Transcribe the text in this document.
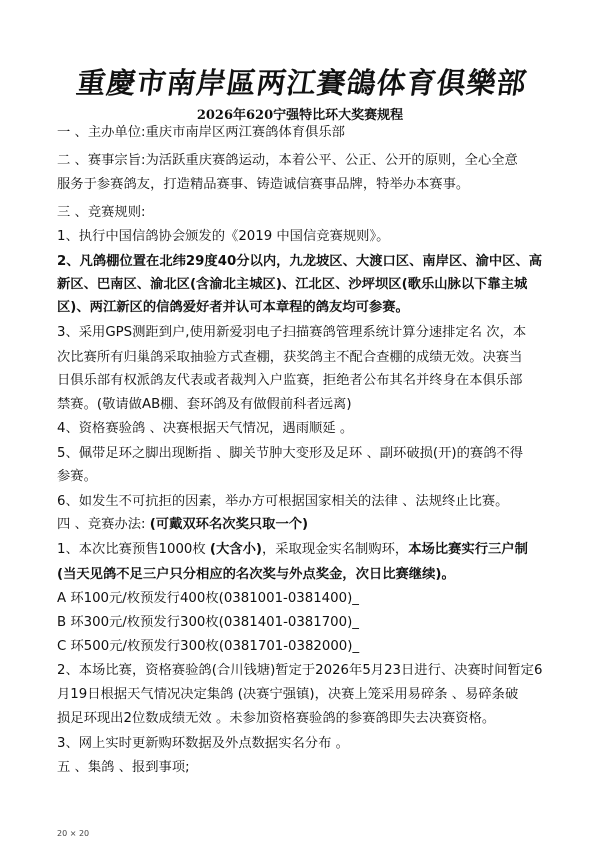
重慶市南岸區两江賽鴿体育俱樂部
2026年620宁强特比环大奖赛规程
一 、主办单位:重庆市南岸区两江赛鸽体育俱乐部
二 、赛事宗旨:为活跃重庆赛鸽运动，本着公平、公正、公开的原则，全心全意
服务于参赛鸽友，打造精品赛事、铸造诚信赛事品牌，特举办本赛事。
三 、竞赛规则:
1、执行中国信鸽协会颁发的《2019 中国信竞赛规则》。
2、凡鸽棚位置在北纬29度40分以内，九龙坡区、大渡口区、南岸区、渝中区、高
新区、巴南区、渝北区(含渝北主城区)、江北区、沙坪坝区(歌乐山脉以下靠主城
区)、两江新区的信鸽爱好者并认可本章程的鸽友均可参赛。
3、采用GPS测距到户,使用新爱羽电子扫描赛鸽管理系统计算分速排定名 次，本
次比赛所有归巢鸽采取抽验方式查棚，获奖鸽主不配合查棚的成绩无效。决赛当
日俱乐部有权派鸽友代表或者裁判入户监赛，拒绝者公布其名并终身在本俱乐部
禁赛。(敬请做AB棚、套环鸽及有做假前科者远离)
4、资格赛验鸽 、决赛根据天气情况，遇雨顺延 。
5、佩带足环之脚出现断指 、脚关节肿大变形及足环 、副环破损(开)的赛鸽不得
参赛。
6、如发生不可抗拒的因素，举办方可根据国家相关的法律 、法规终止比赛。
四 、竞赛办法: (可戴双环名次奖只取一个)
1、本次比赛预售1000枚 (大含小)，采取现金实名制购环，本场比赛实行三户制
(当天见鸽不足三户只分相应的名次奖与外点奖金，次日比赛继续)。
A 环100元/枚预发行400枚(0381001-0381400)_
B 环300元/枚预发行300枚(0381401-0381700)_
C 环500元/枚预发行300枚(0381701-0382000)_
2、本场比赛，资格赛验鸽(合川钱塘)暂定于2026年5月23日进行、决赛时间暂定6
月19日根据天气情况决定集鸽 (决赛宁强镇)，决赛上笼采用易碎条 、易碎条破
损足环现出2位数成绩无效 。未参加资格赛验鸽的参赛鸽即失去决赛资格。
3、网上实时更新购环数据及外点数据实名分布 。
五 、集鸽 、报到事项;
20 × 20
